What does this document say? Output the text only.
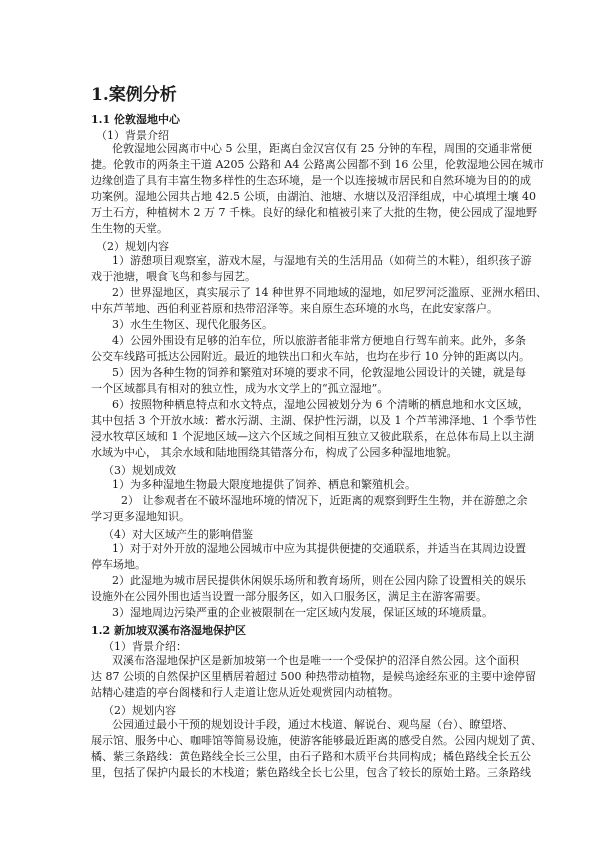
1.案例分析
1.1 伦敦湿地中心
（1）背景介绍
伦敦湿地公园离市中心 5 公里，距离白金汉宫仅有 25 分钟的车程，周围的交通非常便
捷。伦敦市的两条主干道 A205 公路和 A4 公路离公园都不到 16 公里，伦敦湿地公园在城市
边缘创造了具有丰富生物多样性的生态环境，是一个以连接城市居民和自然环境为目的的成
功案例。湿地公园共占地 42.5 公顷，由湖泊、池塘、水塘以及沼泽组成，中心填埋土壤 40
万土石方，种植树木 2 万 7 千株。良好的绿化和植被引来了大批的生物，使公园成了湿地野
生生物的天堂。
（2）规划内容
1）游憩项目观察室，游戏木屋，与湿地有关的生活用品（如荷兰的木鞋），组织孩子游
戏于池塘，喂食飞鸟和参与园艺。
2）世界湿地区，真实展示了 14 种世界不同地域的湿地，如尼罗河泛滥原、亚洲水稻田、
中东芦苇地、西伯利亚苔原和热带沼泽等。来自原生态环境的水鸟，在此安家落户。
3）水生生物区、现代化服务区。
4）公园外围设有足够的泊车位，所以旅游者能非常方便地自行驾车前来。此外，多条
公交车线路可抵达公园附近。最近的地铁出口和火车站，也均在步行 10 分钟的距离以内。
5）因为各种生物的饲养和繁殖对环境的要求不同，伦敦湿地公园设计的关键，就是每
一个区域都具有相对的独立性，成为水文学上的“孤立湿地”。
6）按照物种栖息特点和水文特点，湿地公园被划分为 6 个清晰的栖息地和水文区域，
其中包括 3 个开放水域：蓄水污湖、主湖、保护性污湖，以及 1 个芦苇沸泽地、1 个季节性
浸水牧草区域和 1 个泥地区域—这六个区域之间相互独立又彼此联系，在总体布局上以主湖
水域为中心， 其余水域和陆地围绕其错落分布，构成了公园多种湿地地貌。
（3）规划成效
1）为多种湿地生物最大限度地提供了饲养、栖息和繁殖机会。
2） 让参观者在不破坏湿地环境的情况下，近距离的观察到野生生物，并在游憩之余
学习更多湿地知识。
（4）对大区域产生的影响借鉴
1）对于对外开放的湿地公园城市中应为其提供便捷的交通联系，并适当在其周边设置
停车场地。
2）此湿地为城市居民提供休闲娱乐场所和教育场所，则在公园内除了设置相关的娱乐
设施外在公园外围也适当设置一部分服务区，如入口服务区，满足主在游客需要。
3）湿地周边污染严重的企业被限制在一定区域内发展，保证区域的环境质量。
1.2 新加坡双溪布洛湿地保护区
（1）背景介绍：
双溪布洛湿地保护区是新加坡第一个也是唯一一个受保护的沼泽自然公园。这个面积
达 87 公顷的自然保护区里栖居着超过 500 种热带动植物，是候鸟途经东亚的主要中途停留
站精心建造的亭台阁楼和行人走道让您从近处观赏园内动植物。
（2）规划内容
公园通过最小干预的规划设计手段，通过木栈道、解说台、观鸟屋（台）、瞭望塔、
展示馆、服务中心、咖啡馆等简易设施，使游客能够最近距离的感受自然。公园内规划了黄、
橘、紫三条路线：黄色路线全长三公里，由石子路和木质平台共同构成；橘色路线全长五公
里，包括了保护内最长的木栈道；紫色路线全长七公里，包含了较长的原始土路。三条路线
